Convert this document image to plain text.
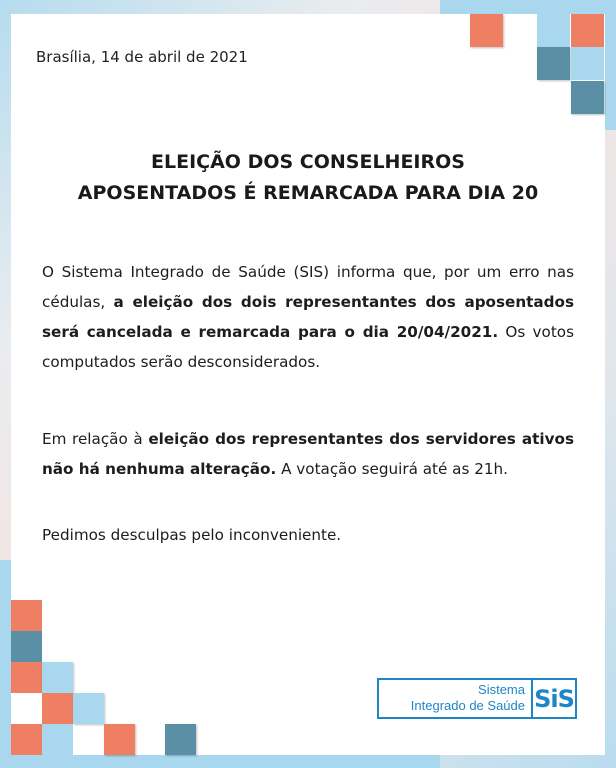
Brasília, 14 de abril de 2021
ELEIÇÃO DOS CONSELHEIROS
APOSENTADOS É REMARCADA PARA DIA 20
O Sistema Integrado de Saúde (SIS) informa que, por um erro nas cédulas, a eleição dos dois representantes dos aposentados será cancelada e remarcada para o dia 20/04/2021. Os votos computados serão desconsiderados.
Em relação à eleição dos representantes dos servidores ativos não há nenhuma alteração. A votação seguirá até as 21h.
Pedimos desculpas pelo inconveniente.
Sistema
Integrado de Saúde SiS
